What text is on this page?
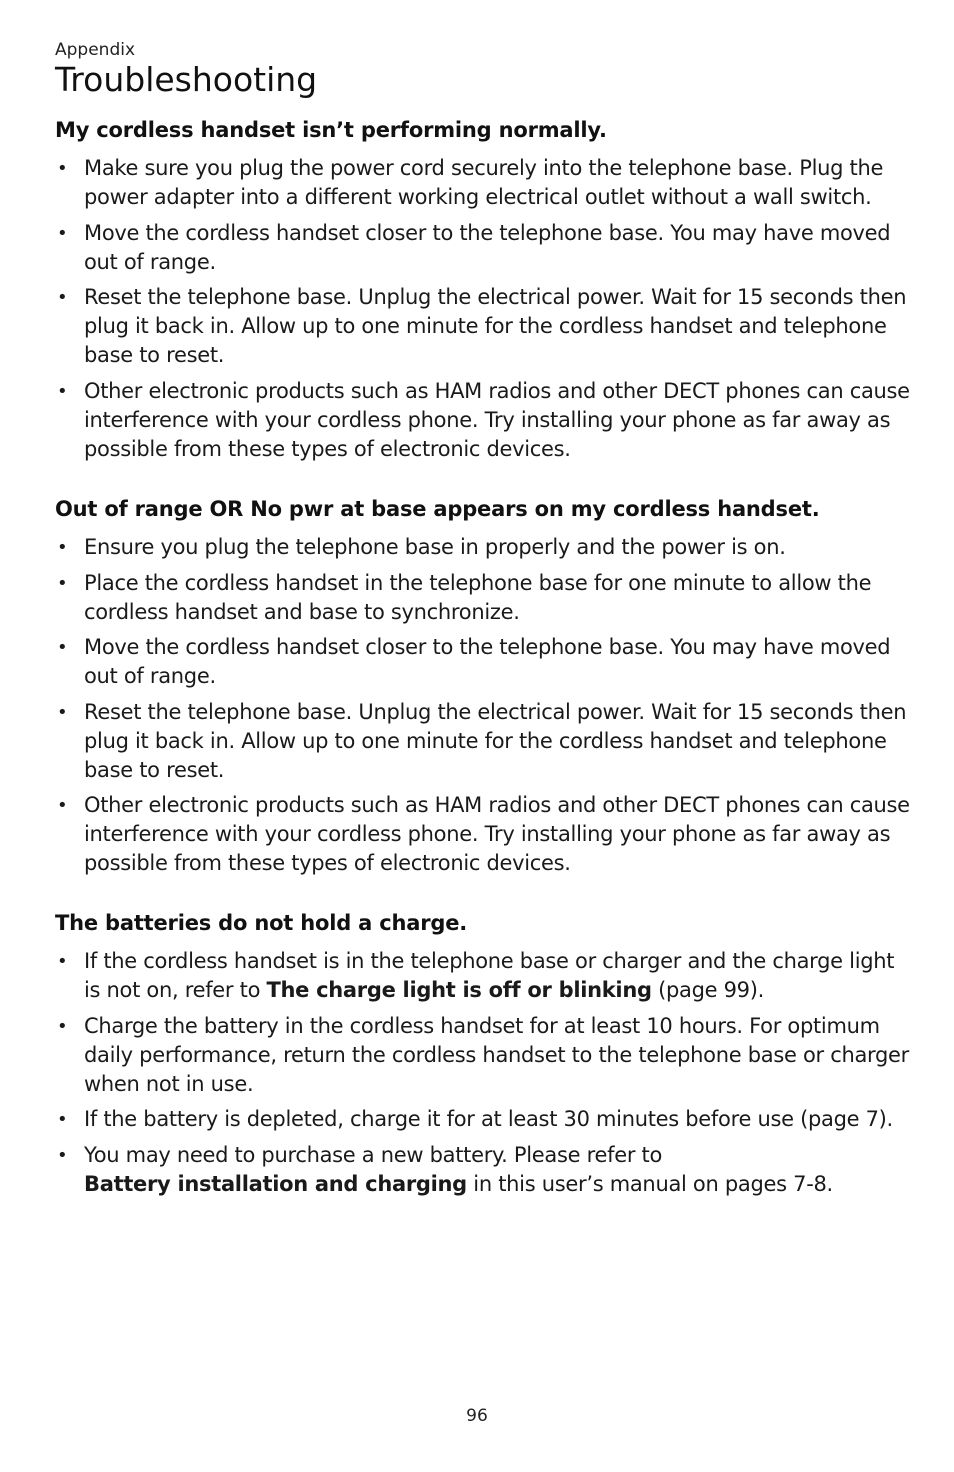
Appendix
Troubleshooting
My cordless handset isn’t performing normally.
• Make sure you plug the power cord securely into the telephone base. Plug the power adapter into a different working electrical outlet without a wall switch.
• Move the cordless handset closer to the telephone base. You may have moved out of range.
• Reset the telephone base. Unplug the electrical power. Wait for 15 seconds then plug it back in. Allow up to one minute for the cordless handset and telephone base to reset.
• Other electronic products such as HAM radios and other DECT phones can cause interference with your cordless phone. Try installing your phone as far away as possible from these types of electronic devices.
Out of range OR No pwr at base appears on my cordless handset.
• Ensure you plug the telephone base in properly and the power is on.
• Place the cordless handset in the telephone base for one minute to allow the cordless handset and base to synchronize.
• Move the cordless handset closer to the telephone base. You may have moved out of range.
• Reset the telephone base. Unplug the electrical power. Wait for 15 seconds then plug it back in. Allow up to one minute for the cordless handset and telephone base to reset.
• Other electronic products such as HAM radios and other DECT phones can cause interference with your cordless phone. Try installing your phone as far away as possible from these types of electronic devices.
The batteries do not hold a charge.
• If the cordless handset is in the telephone base or charger and the charge light is not on, refer to The charge light is off or blinking (page 99).
• Charge the battery in the cordless handset for at least 10 hours. For optimum daily performance, return the cordless handset to the telephone base or charger when not in use.
• If the battery is depleted, charge it for at least 30 minutes before use (page 7).
• You may need to purchase a new battery. Please refer to
Battery installation and charging in this user’s manual on pages 7-8.
96
